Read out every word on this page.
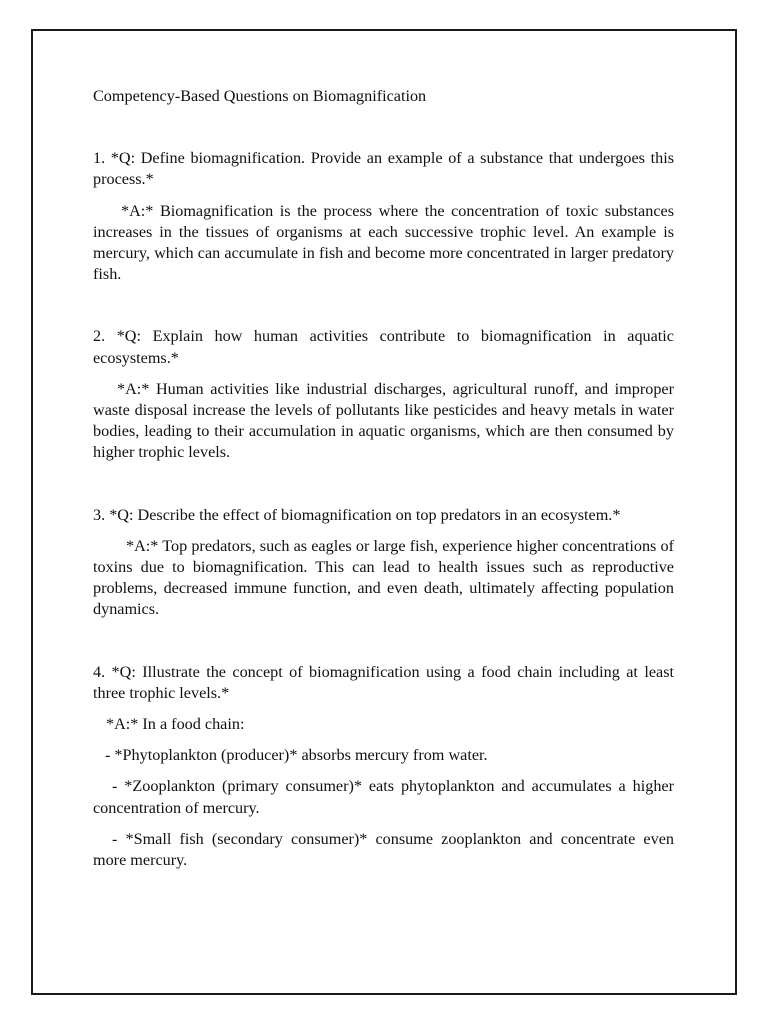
Competency-Based Questions on Biomagnification

1. *Q: Define biomagnification. Provide an example of a substance that undergoes this process.*

*A:* Biomagnification is the process where the concentration of toxic substances increases in the tissues of organisms at each successive trophic level. An example is mercury, which can accumulate in fish and become more concentrated in larger predatory fish.

2. *Q: Explain how human activities contribute to biomagnification in aquatic ecosystems.*

*A:* Human activities like industrial discharges, agricultural runoff, and improper waste disposal increase the levels of pollutants like pesticides and heavy metals in water bodies, leading to their accumulation in aquatic organisms, which are then consumed by higher trophic levels.

3. *Q: Describe the effect of biomagnification on top predators in an ecosystem.*

*A:* Top predators, such as eagles or large fish, experience higher concentrations of toxins due to biomagnification. This can lead to health issues such as reproductive problems, decreased immune function, and even death, ultimately affecting population dynamics.

4. *Q: Illustrate the concept of biomagnification using a food chain including at least three trophic levels.*

*A:* In a food chain:

- *Phytoplankton (producer)* absorbs mercury from water.

- *Zooplankton (primary consumer)* eats phytoplankton and accumulates a higher concentration of mercury.

- *Small fish (secondary consumer)* consume zooplankton and concentrate even more mercury.
